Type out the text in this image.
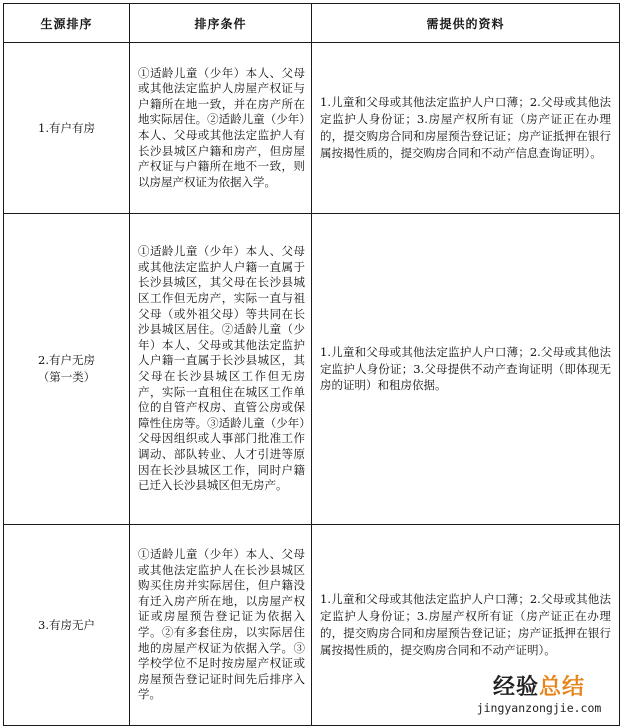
生源排序	排序条件	需提供的资料

1.有户有房	①适龄儿童（少年）本人、父母或其他法定监护人房屋产权证与户籍所在地一致，并在房产所在地实际居住。②适龄儿童（少年）本人、父母或其他法定监护人有长沙县城区户籍和房产，但房屋产权证与户籍所在地不一致，则以房屋产权证为依据入学。	1.儿童和父母或其他法定监护人户口薄；2.父母或其他法定监护人身份证；3.房屋产权所有证（房产证正在办理的，提交购房合同和房屋预告登记证；房产证抵押在银行属按揭性质的，提交购房合同和不动产信息查询证明）。

2.有户无房
（第一类）	①适龄儿童（少年）本人、父母或其他法定监护人户籍一直属于长沙县城区，其父母在长沙县城区工作但无房产，实际一直与祖父母（或外祖父母）等共同在长沙县城区居住。②适龄儿童（少年）本人、父母或其他法定监护人户籍一直属于长沙县城区，其父母在长沙县城区工作但无房产，实际一直租住在城区工作单位的自管产权房、直管公房或保障性住房等。③适龄儿童（少年）父母因组织或人事部门批准工作调动、部队转业、人才引进等原因在长沙县城区工作，同时户籍已迁入长沙县城区但无房产。	1.儿童和父母或其他法定监护人户口薄；2.父母或其他法定监护人身份证；3.父母提供不动产查询证明（即体现无房的证明）和租房依据。

3.有房无户	①适龄儿童（少年）本人、父母或其他法定监护人在长沙县城区购买住房并实际居住，但户籍没有迁入房产所在地，以房屋产权证或房屋预告登记证为依据入学。②有多套住房，以实际居住地的房屋产权证为依据入学。③学校学位不足时按房屋产权证或房屋预告登记证时间先后排序入学。	1.儿童和父母或其他法定监护人户口薄；2.父母或其他法定监护人身份证；3.房屋产权所有证（房产证正在办理的，提交购房合同和房屋预告登记证；房产证抵押在银行属按揭性质的，提交购房合同和不动产证明）。
经验总结
jingyanzongjie.com
